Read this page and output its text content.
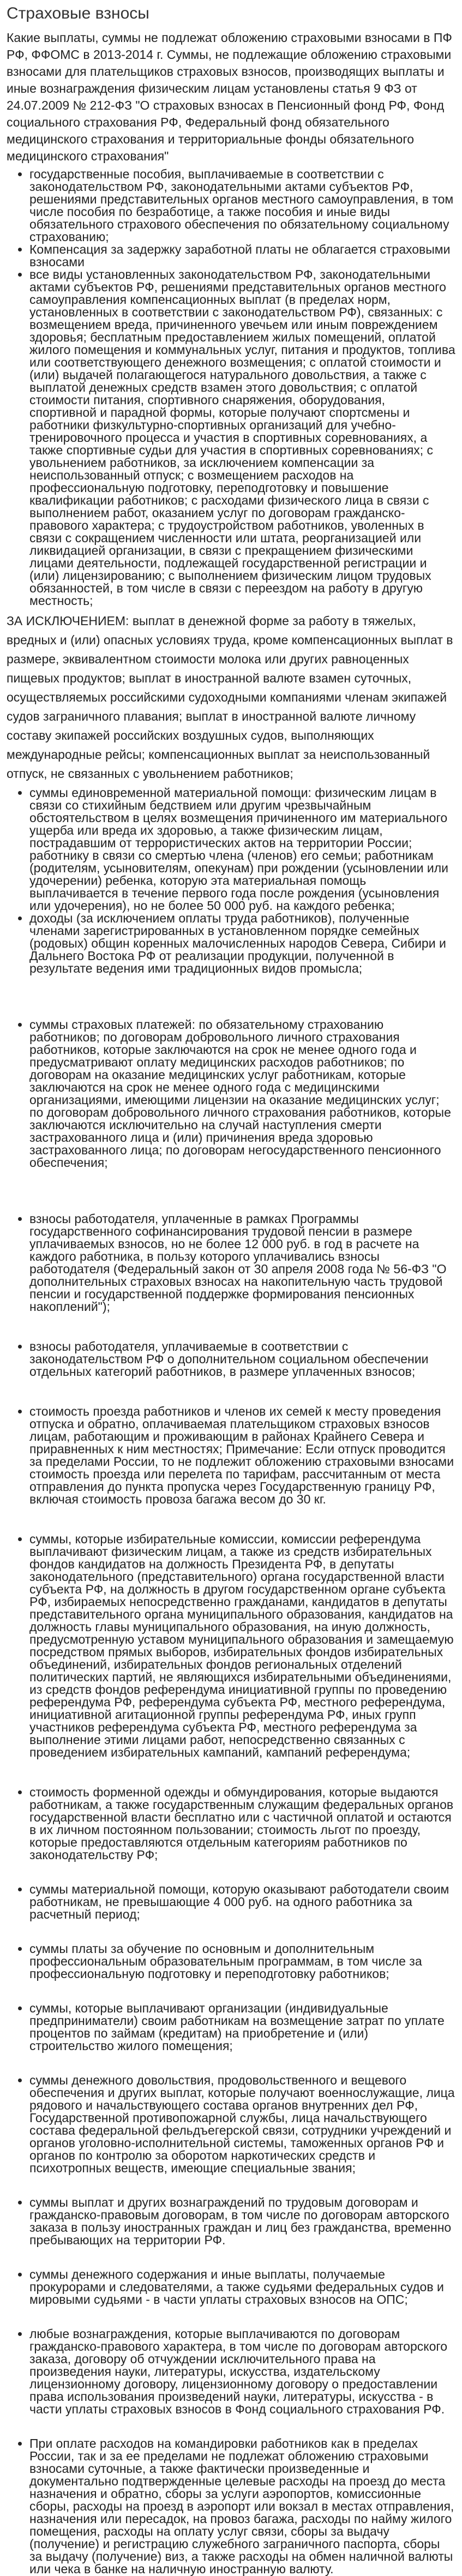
Страховые взносы

Какие выплаты, суммы не подлежат обложению страховыми взносами в ПФ РФ, ФФОМС в 2013-2014 г. Суммы, не подлежащие обложению страховыми взносами для плательщиков страховых взносов, производящих выплаты и иные вознаграждения физическим лицам установлены статья 9 ФЗ от 24.07.2009 № 212-ФЗ "О страховых взносах в Пенсионный фонд РФ, Фонд социального страхования РФ, Федеральный фонд обязательного медицинского страхования и территориальные фонды обязательного медицинского страхования"

• государственные пособия, выплачиваемые в соответствии с законодательством РФ, законодательными актами субъектов РФ, решениями представительных органов местного самоуправления, в том числе пособия по безработице, а также пособия и иные виды обязательного страхового обеспечения по обязательному социальному страхованию;
• Компенсация за задержку заработной платы не облагается страховыми взносами
• все виды установленных законодательством РФ, законодательными актами субъектов РФ, решениями представительных органов местного самоуправления компенсационных выплат (в пределах норм, установленных в соответствии с законодательством РФ), связанных: с возмещением вреда, причиненного увечьем или иным повреждением здоровья; бесплатным предоставлением жилых помещений, оплатой жилого помещения и коммунальных услуг, питания и продуктов, топлива или соответствующего денежного возмещения; с оплатой стоимости и (или) выдачей полагающегося натурального довольствия, а также с выплатой денежных средств взамен этого довольствия; с оплатой стоимости питания, спортивного снаряжения, оборудования, спортивной и парадной формы, которые получают спортсмены и работники физкультурно-спортивных организаций для учебно-тренировочного процесса и участия в спортивных соревнованиях, а также спортивные судьи для участия в спортивных соревнованиях; с увольнением работников, за исключением компенсации за неиспользованный отпуск; с возмещением расходов на профессиональную подготовку, переподготовку и повышение квалификации работников; с расходами физического лица в связи с выполнением работ, оказанием услуг по договорам гражданско-правового характера; с трудоустройством работников, уволенных в связи с сокращением численности или штата, реорганизацией или ликвидацией организации, в связи с прекращением физическими лицами деятельности, подлежащей государственной регистрации и (или) лицензированию; с выполнением физическим лицом трудовых обязанностей, в том числе в связи с переездом на работу в другую местность;

ЗА ИСКЛЮЧЕНИЕМ: выплат в денежной форме за работу в тяжелых, вредных и (или) опасных условиях труда, кроме компенсационных выплат в размере, эквивалентном стоимости молока или других равноценных пищевых продуктов; выплат в иностранной валюте взамен суточных, осуществляемых российскими судоходными компаниями членам экипажей судов заграничного плавания; выплат в иностранной валюте личному составу экипажей российских воздушных судов, выполняющих международные рейсы; компенсационных выплат за неиспользованный отпуск, не связанных с увольнением работников;

• суммы единовременной материальной помощи: физическим лицам в связи со стихийным бедствием или другим чрезвычайным обстоятельством в целях возмещения причиненного им материального ущерба или вреда их здоровью, а также физическим лицам, пострадавшим от террористических актов на территории России; работнику в связи со смертью члена (членов) его семьи; работникам (родителям, усыновителям, опекунам) при рождении (усыновлении или удочерении) ребенка, которую эта материальная помощь выплачивается в течение первого года после рождения (усыновления или удочерения), но не более 50 000 руб. на каждого ребенка;
• доходы (за исключением оплаты труда работников), полученные членами зарегистрированных в установленном порядке семейных (родовых) общин коренных малочисленных народов Севера, Сибири и Дальнего Востока РФ от реализации продукции, полученной в результате ведения ими традиционных видов промысла;
• суммы страховых платежей: по обязательному страхованию работников; по договорам добровольного личного страхования работников, которые заключаются на срок не менее одного года и предусматривают оплату медицинских расходов работников; по договорам на оказание медицинских услуг работникам, которые заключаются на срок не менее одного года с медицинскими организациями, имеющими лицензии на оказание медицинских услуг; по договорам добровольного личного страхования работников, которые заключаются исключительно на случай наступления смерти застрахованного лица и (или) причинения вреда здоровью застрахованного лица; по договорам негосударственного пенсионного обеспечения;
• взносы работодателя, уплаченные в рамках Программы государственного софинансирования трудовой пенсии в размере уплачиваемых взносов, но не более 12 000 руб. в год в расчете на каждого работника, в пользу которого уплачивались взносы работодателя (Федеральный закон от 30 апреля 2008 года № 56-ФЗ "О дополнительных страховых взносах на накопительную часть трудовой пенсии и государственной поддержке формирования пенсионных накоплений");
• взносы работодателя, уплачиваемые в соответствии с законодательством РФ о дополнительном социальном обеспечении отдельных категорий работников, в размере уплаченных взносов;
• стоимость проезда работников и членов их семей к месту проведения отпуска и обратно, оплачиваемая плательщиком страховых взносов лицам, работающим и проживающим в районах Крайнего Севера и приравненных к ним местностях; Примечание: Если отпуск проводится за пределами России, то не подлежит обложению страховыми взносами стоимость проезда или перелета по тарифам, рассчитанным от места отправления до пункта пропуска через Государственную границу РФ, включая стоимость провоза багажа весом до 30 кг.
• суммы, которые избирательные комиссии, комиссии референдума выплачивают физическим лицам, а также из средств избирательных фондов кандидатов на должность Президента РФ, в депутаты законодательного (представительного) органа государственной власти субъекта РФ, на должность в другом государственном органе субъекта РФ, избираемых непосредственно гражданами, кандидатов в депутаты представительного органа муниципального образования, кандидатов на должность главы муниципального образования, на иную должность, предусмотренную уставом муниципального образования и замещаемую посредством прямых выборов, избирательных фондов избирательных объединений, избирательных фондов региональных отделений политических партий, не являющихся избирательными объединениями, из средств фондов референдума инициативной группы по проведению референдума РФ, референдума субъекта РФ, местного референдума, инициативной агитационной группы референдума РФ, иных групп участников референдума субъекта РФ, местного референдума за выполнение этими лицами работ, непосредственно связанных с проведением избирательных кампаний, кампаний референдума;
• стоимость форменной одежды и обмундирования, которые выдаются работникам, а также государственным служащим федеральных органов государственной власти бесплатно или с частичной оплатой и остаются в их личном постоянном пользовании; стоимость льгот по проезду, которые предоставляются отдельным категориям работников по законодательству РФ;
• суммы материальной помощи, которую оказывают работодатели своим работникам, не превышающие 4 000 руб. на одного работника за расчетный период;
• суммы платы за обучение по основным и дополнительным профессиональным образовательным программам, в том числе за профессиональную подготовку и переподготовку работников;
• суммы, которые выплачивают организации (индивидуальные предприниматели) своим работникам на возмещение затрат по уплате процентов по займам (кредитам) на приобретение и (или) строительство жилого помещения;
• суммы денежного довольствия, продовольственного и вещевого обеспечения и других выплат, которые получают военнослужащие, лица рядового и начальствующего состава органов внутренних дел РФ, Государственной противопожарной службы, лица начальствующего состава федеральной фельдъегерской связи, сотрудники учреждений и органов уголовно-исполнительной системы, таможенных органов РФ и органов по контролю за оборотом наркотических средств и психотропных веществ, имеющие специальные звания;
• суммы выплат и других вознаграждений по трудовым договорам и гражданско-правовым договорам, в том числе по договорам авторского заказа в пользу иностранных граждан и лиц без гражданства, временно пребывающих на территории РФ.
• суммы денежного содержания и иные выплаты, получаемые прокурорами и следователями, а также судьями федеральных судов и мировыми судьями - в части уплаты страховых взносов на ОПС;
• любые вознаграждения, которые выплачиваются по договорам гражданско-правового характера, в том числе по договорам авторского заказа, договору об отчуждении исключительного права на произведения науки, литературы, искусства, издательскому лицензионному договору, лицензионному договору о предоставлении права использования произведений науки, литературы, искусства - в части уплаты страховых взносов в Фонд социального страхования РФ.
• При оплате расходов на командировки работников как в пределах России, так и за ее пределами не подлежат обложению страховыми взносами суточные, а также фактически произведенные и документально подтвержденные целевые расходы на проезд до места назначения и обратно, сборы за услуги аэропортов, комиссионные сборы, расходы на проезд в аэропорт или вокзал в местах отправления, назначения или пересадок, на провоз багажа, расходы по найму жилого помещения, расходы на оплату услуг связи, сборы за выдачу (получение) и регистрацию служебного заграничного паспорта, сборы за выдачу (получение) виз, а также расходы на обмен наличной валюты или чека в банке на наличную иностранную валюту.
